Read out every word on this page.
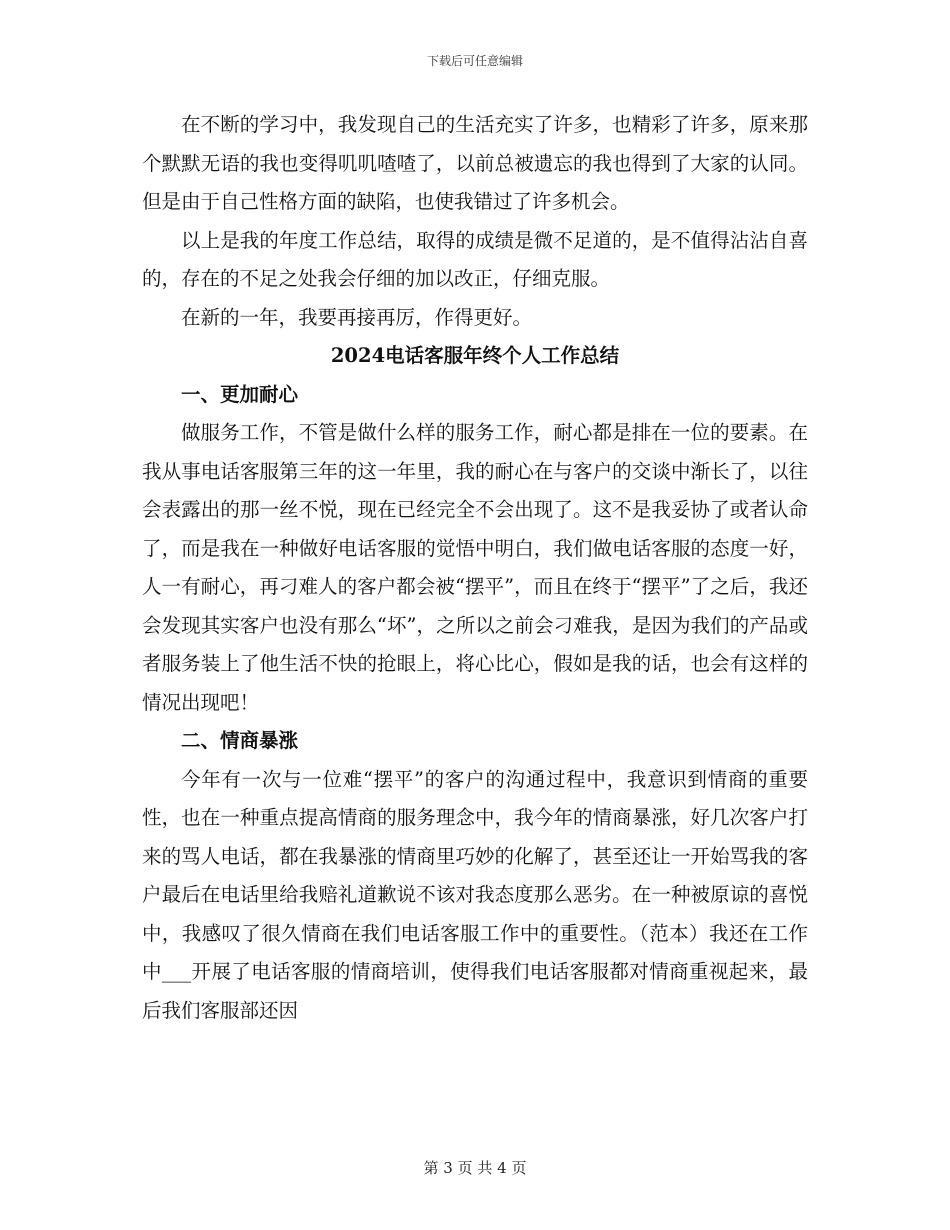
下载后可任意编辑

在不断的学习中，我发现自己的生活充实了许多，也精彩了许多，原来那个默默无语的我也变得叽叽喳喳了，以前总被遗忘的我也得到了大家的认同。但是由于自己性格方面的缺陷，也使我错过了许多机会。

以上是我的年度工作总结，取得的成绩是微不足道的，是不值得沾沾自喜的，存在的不足之处我会仔细的加以改正，仔细克服。

在新的一年，我要再接再厉，作得更好。

2024电话客服年终个人工作总结
一、更加耐心

做服务工作，不管是做什么样的服务工作，耐心都是排在一位的要素。在我从事电话客服第三年的这一年里，我的耐心在与客户的交谈中渐长了，以往会表露出的那一丝不悦，现在已经完全不会出现了。这不是我妥协了或者认命了，而是我在一种做好电话客服的觉悟中明白，我们做电话客服的态度一好，人一有耐心，再刁难人的客户都会被“摆平”，而且在终于“摆平”了之后，我还会发现其实客户也没有那么“坏”，之所以之前会刁难我，是因为我们的产品或者服务装上了他生活不快的抢眼上，将心比心，假如是我的话，也会有这样的情况出现吧！

二、情商暴涨

今年有一次与一位难“摆平”的客户的沟通过程中，我意识到情商的重要性，也在一种重点提高情商的服务理念中，我今年的情商暴涨，好几次客户打来的骂人电话，都在我暴涨的情商里巧妙的化解了，甚至还让一开始骂我的客户最后在电话里给我赔礼道歉说不该对我态度那么恶劣。在一种被原谅的喜悦中，我感叹了很久情商在我们电话客服工作中的重要性。（范本）我还在工作中___开展了电话客服的情商培训，使得我们电话客服都对情商重视起来，最后我们客服部还因

第 3 页 共 4 页
